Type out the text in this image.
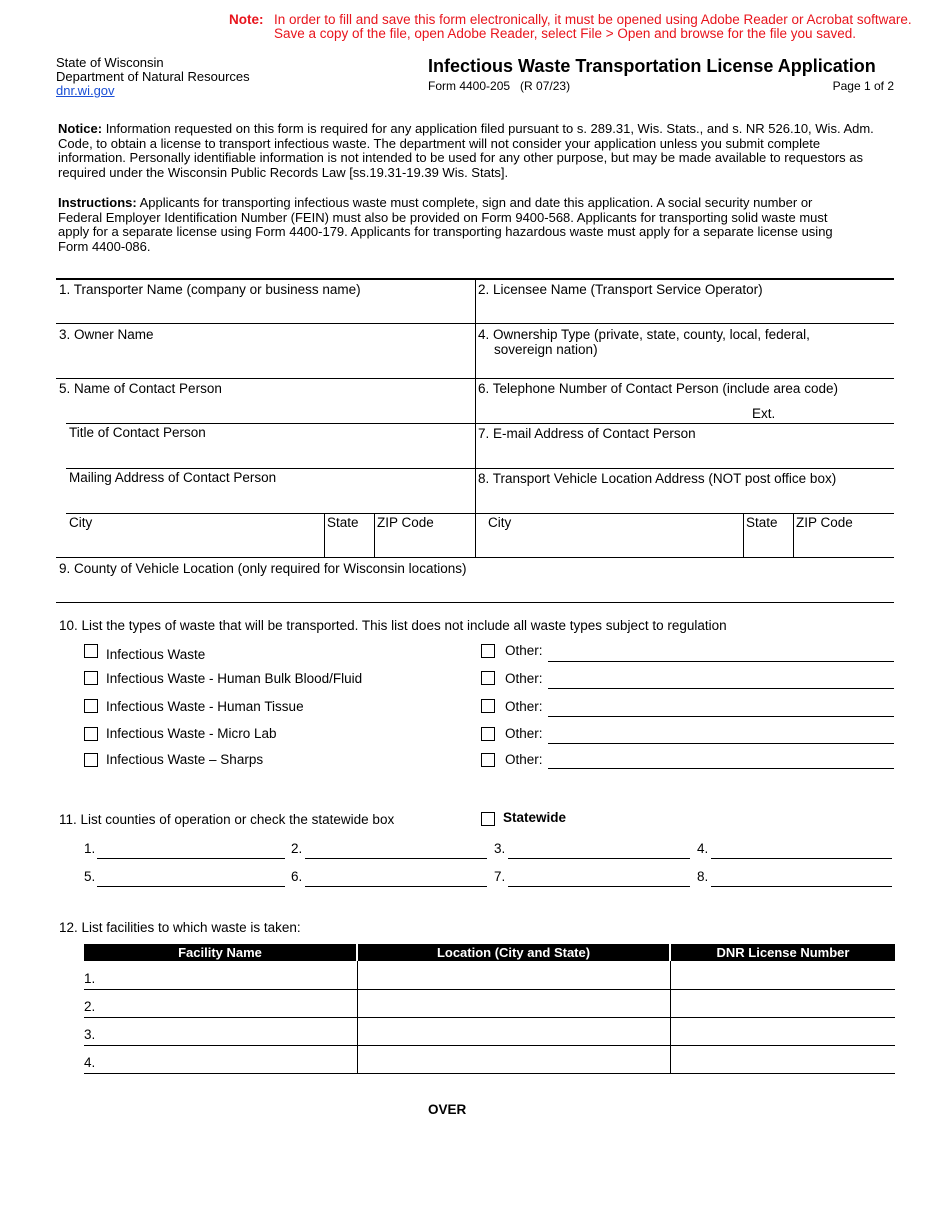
Note: In order to fill and save this form electronically, it must be opened using Adobe Reader or Acrobat software.
Save a copy of the file, open Adobe Reader, select File > Open and browse for the file you saved.
State of Wisconsin
Department of Natural Resources
dnr.wi.gov
Infectious Waste Transportation License Application
Form 4400-205   (R 07/23)	Page 1 of 2
Notice: Information requested on this form is required for any application filed pursuant to s. 289.31, Wis. Stats., and s. NR 526.10, Wis. Adm.
Code, to obtain a license to transport infectious waste. The department will not consider your application unless you submit complete
information. Personally identifiable information is not intended to be used for any other purpose, but may be made available to requestors as
required under the Wisconsin Public Records Law [ss.19.31-19.39 Wis. Stats].
Instructions: Applicants for transporting infectious waste must complete, sign and date this application. A social security number or
Federal Employer Identification Number (FEIN) must also be provided on Form 9400-568. Applicants for transporting solid waste must
apply for a separate license using Form 4400-179. Applicants for transporting hazardous waste must apply for a separate license using
Form 4400-086.
1. Transporter Name (company or business name)	2. Licensee Name (Transport Service Operator)
3. Owner Name	4. Ownership Type (private, state, county, local, federal,
sovereign nation)
5. Name of Contact Person	6. Telephone Number of Contact Person (include area code)
Ext.
Title of Contact Person	7. E-mail Address of Contact Person
Mailing Address of Contact Person	8. Transport Vehicle Location Address (NOT post office box)
City	State ZIP Code	City	State ZIP Code
9. County of Vehicle Location (only required for Wisconsin locations)
10. List the types of waste that will be transported. This list does not include all waste types subject to regulation
Infectious Waste
Infectious Waste - Human Bulk Blood/Fluid
Infectious Waste - Human Tissue
Infectious Waste - Micro Lab
Infectious Waste – Sharps
Other:
Other:
Other:
Other:
Other:
11. List counties of operation or check the statewide box	Statewide
1.	2.	3.	4.
5.	6.	7.	8.
12. List facilities to which waste is taken:
Facility Name	Location (City and State)	DNR License Number
1.
2.
3.
4.
OVER
